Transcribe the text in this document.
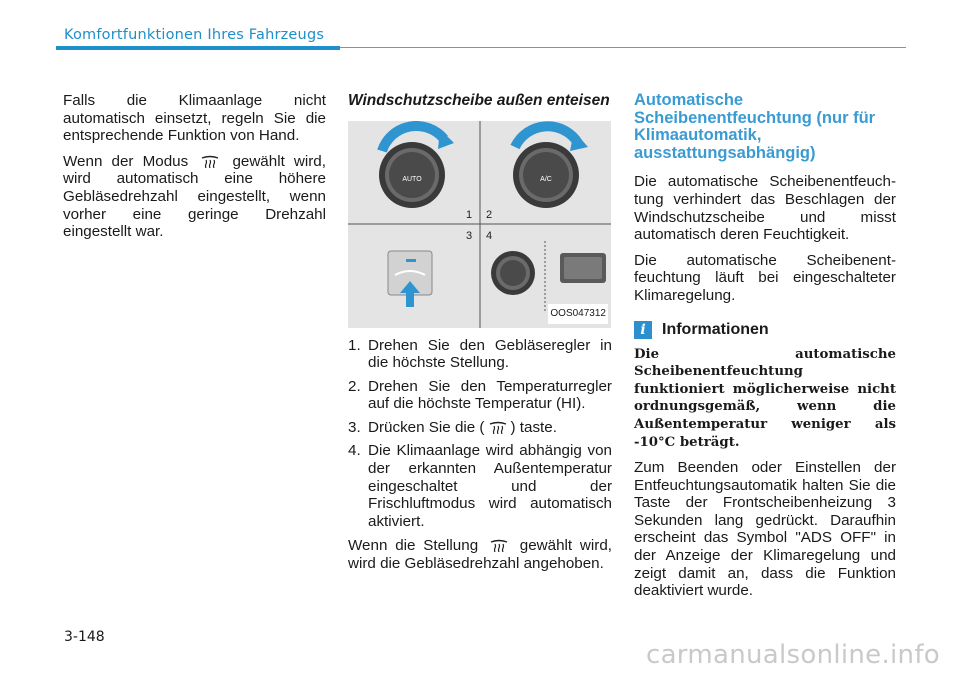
Komfortfunktionen Ihres Fahrzeugs

Falls die Klimaanlage nicht automatisch einsetzt, regeln Sie die entsprechende Funktion von Hand.

Wenn der Modus	gewählt wird, wird automatisch eine höhere Gebläsedrehzahl eingestellt, wenn vorher eine geringe Drehzahl eingestellt war.

Windschutzscheibe außen enteisen
AUTO	A/C
1 2
3 4
OOS047312
1. Drehen Sie den Gebläseregler in die höchste Stellung.
2. Drehen Sie den Temperaturregler auf die höchste Temperatur (HI).
3. Drücken Sie die ( ) taste.
4. Die Klimaanlage wird abhängig von der erkannten Außentemperatur eingeschaltet und der Frischluftmodus wird automatisch aktiviert.

Wenn die Stellung	gewählt wird, wird die Gebläsedrehzahl angehoben.

Automatische Scheibenentfeuchtung (nur für Klimaautomatik, ausstattungsabhängig)

Die automatische Scheibenentfeuchtung verhindert das Beschlagen der Windschutzscheibe und misst automatisch deren Feuchtigkeit.

Die automatische Scheibenentfeuchtung läuft bei eingeschalteter Klimaregelung.

i	Informationen

Die automatische Scheibenentfeuchtung funktioniert möglicherweise nicht ordnungsgemäß, wenn die Außentemperatur weniger als -10°C beträgt.

Zum Beenden oder Einstellen der Entfeuchtungsautomatik halten Sie die Taste der Frontscheibenheizung 3 Sekunden lang gedrückt. Daraufhin erscheint das Symbol "ADS OFF" in der Anzeige der Klimaregelung und zeigt damit an, dass die Funktion deaktiviert wurde.

3-148
carmanualsonline.info
